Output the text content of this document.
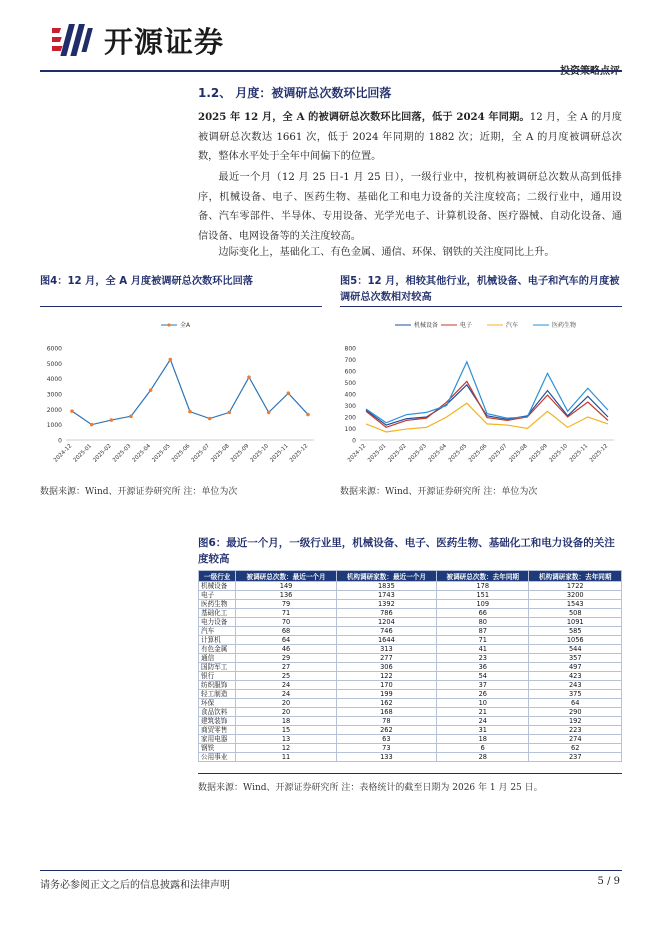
开源证券
1.2、 月度：被调研总次数环比回落
2025 年 12 月，全 A 的被调研总次数环比回落，低于 2024 年同期。12 月，全 A 的月度被调研总次数达 1661 次，低于 2024 年同期的 1882 次；近期，全 A 的月度被调研总次数，整体水平处于全年中间偏下的位置。
最近一个月（12 月 25 日-1 月 25 日），一级行业中，按机构被调研总次数从高到低排序，机械设备、电子、医药生物、基础化工和电力设备的关注度较高；二级行业中，通用设备、汽车零部件、半导体、专用设备、光学光电子、计算机设备、医疗器械、自动化设备、通信设备、电网设备等的关注度较高。
边际变化上，基础化工、有色金属、通信、环保、钢铁的关注度同比上升。
图4：12 月，全 A 月度被调研总次数环比回落
0
1000
2000
3000
4000
5000
6000
2024-12 2025-01 2025-02 2025-03 2025-04 2025-05 2025-06 2025-07 2025-08 2025-09 2025-10 2025-11 2025-12
全A
数据来源：Wind、开源证券研究所 注：单位为次
图5：12 月，相较其他行业，机械设备、电子和汽车的月度被调研总次数相对较高
0
100
200
300
400
500
600
700
800
2024-12 2025-01 2025-02 2025-03 2025-04 2025-05 2025-06 2025-07 2025-08 2025-09 2025-10 2025-11 2025-12
机械设备	电子	汽车	医药生物
数据来源：Wind、开源证券研究所 注：单位为次
图6：最近一个月，一级行业里，机械设备、电子、医药生物、基础化工和电力设备的关注度较高
一级行业	被调研总次数：最近一个月	机构调研家数：最近一个月	被调研总次数：去年同期	机构调研家数：去年同期
机械设备	149	1835	178	1722
电子	136	1743	151	3200
医药生物	79	1392	109	1543
基础化工	71	786	66	508
电力设备	70	1204	80	1091
汽车	68	746	87	585
计算机	64	1644	71	1056
有色金属	46	313	41	544
通信	29	277	23	357
国防军工	27	306	36	497
银行	25	122	54	423
纺织服饰	24	170	37	243
轻工制造	24	199	26	375
环保	20	162	10	64
食品饮料	20	168	21	290
建筑装饰	18	78	24	192
商贸零售	15	262	31	223
家用电器	13	63	18	274
钢铁	12	73	6	62
公用事业	11	133	28	237
数据来源：Wind、开源证券研究所 注：表格统计的截至日期为 2026 年 1 月 25 日。
请务必参阅正文之后的信息披露和法律声明	5 / 9
